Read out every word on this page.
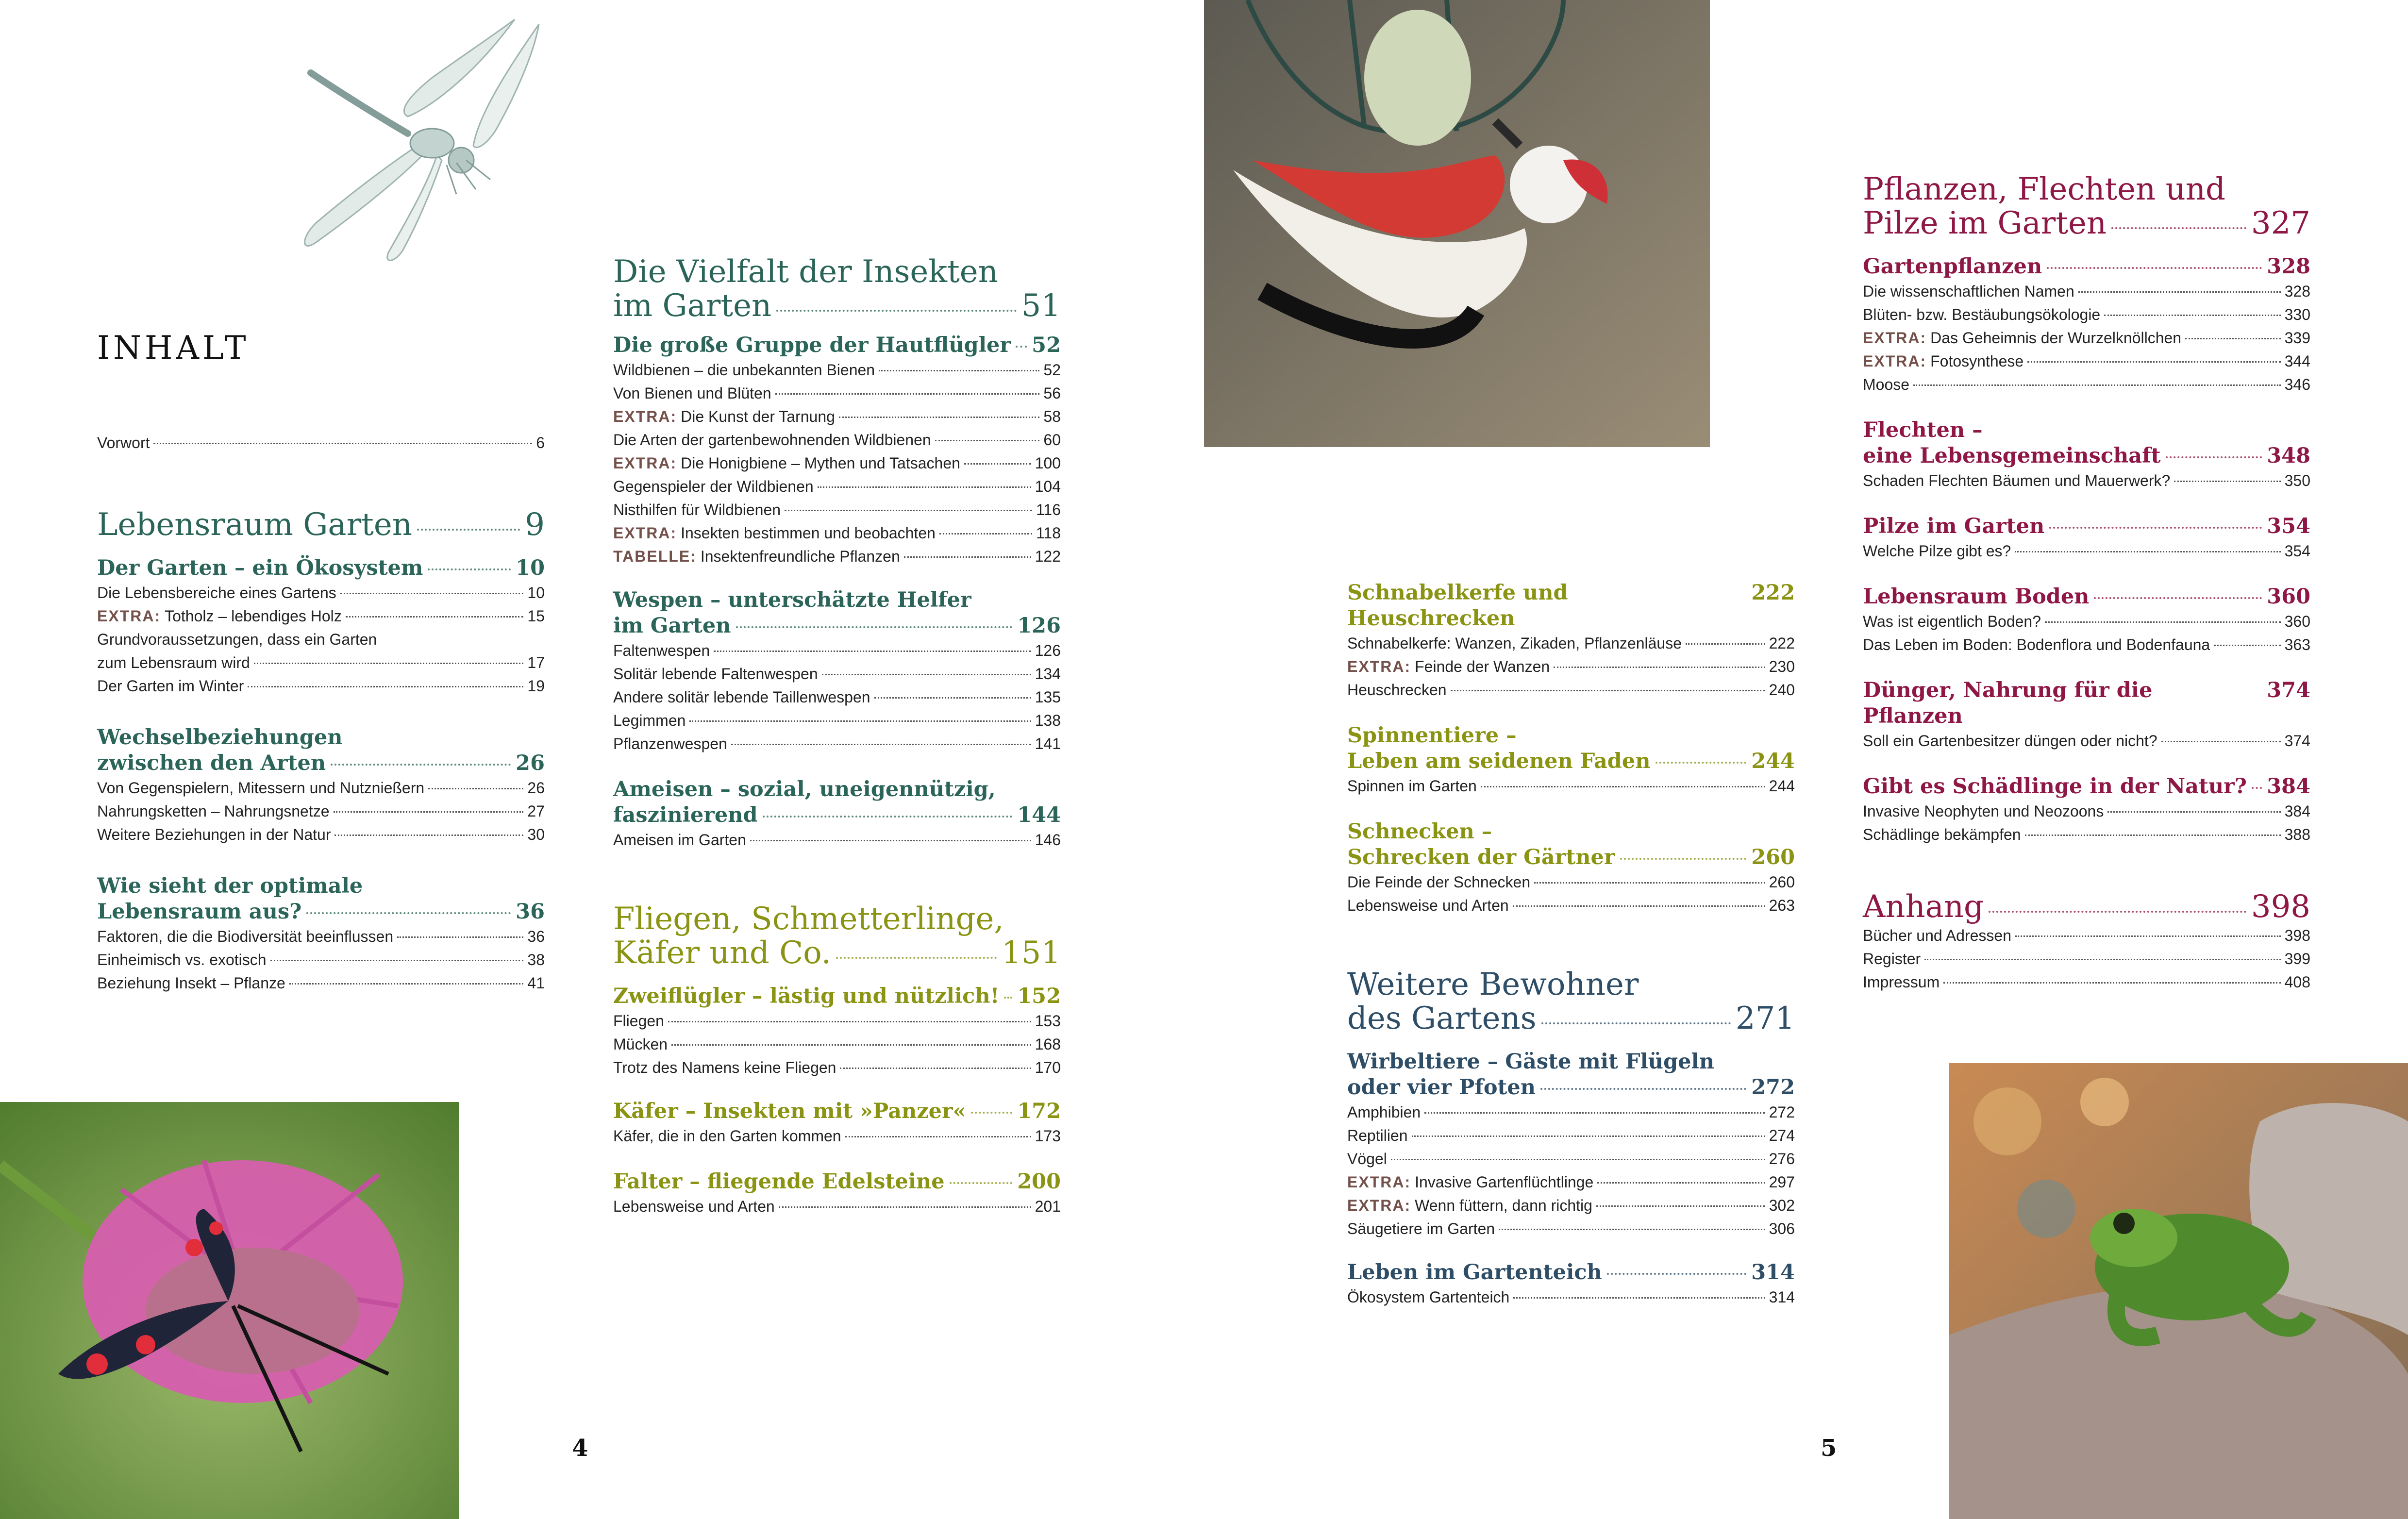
INHALT
Vorwort	6
Lebensraum Garten	9
Der Garten – ein Ökosystem	10
Die Lebensbereiche eines Gartens	10
EXTRA: Totholz – lebendiges Holz	15
Grundvoraussetzungen, dass ein Garten
zum Lebensraum wird	17
Der Garten im Winter	19
Wechselbeziehungen
zwischen den Arten	26
Von Gegenspielern, Mitessern und Nutznießern	26
Nahrungsketten – Nahrungsnetze	27
Weitere Beziehungen in der Natur	30
Wie sieht der optimale
Lebensraum aus?	36
Faktoren, die die Biodiversität beeinflussen	36
Einheimisch vs. exotisch	38
Beziehung Insekt – Pflanze	41
Die Vielfalt der Insekten
im Garten	51
Die große Gruppe der Hautflügler 52
Wildbienen – die unbekannten Bienen	52
Von Bienen und Blüten	56
EXTRA: Die Kunst der Tarnung	58
Die Arten der gartenbewohnenden Wildbienen	60
EXTRA: Die Honigbiene – Mythen und Tatsachen	100
Gegenspieler der Wildbienen	104
Nisthilfen für Wildbienen	116
EXTRA: Insekten bestimmen und beobachten	118
TABELLE: Insektenfreundliche Pflanzen	122
Wespen – unterschätzte Helfer
im Garten	126
Faltenwespen	126
Solitär lebende Faltenwespen	134
Andere solitär lebende Taillenwespen	135
Legimmen	138
Pflanzenwespen	141
Ameisen – sozial, uneigennützig,
faszinierend	144
Ameisen im Garten	146
Fliegen, Schmetterlinge,
Käfer und Co.	151
Zweiflügler – lästig und nützlich! 152
Fliegen	153
Mücken	168
Trotz des Namens keine Fliegen	170
Käfer – Insekten mit »Panzer« 172
Käfer, die in den Garten kommen	173
Falter – fliegende Edelsteine	200
Lebensweise und Arten	201
4
Schnabelkerfe und Heuschrecken
222
Schnabelkerfe: Wanzen, Zikaden, Pflanzenläuse	222
EXTRA: Feinde der Wanzen	230
Heuschrecken	240
Spinnentiere –
Leben am seidenen Faden	244
Spinnen im Garten	244
Schnecken –
Schrecken der Gärtner	260
Die Feinde der Schnecken	260
Lebensweise und Arten	263
Weitere Bewohner
des Gartens	271
Wirbeltiere – Gäste mit Flügeln
oder vier Pfoten	272
Amphibien	272
Reptilien	274
Vögel	276
EXTRA: Invasive Gartenflüchtlinge	297
EXTRA: Wenn füttern, dann richtig	302
Säugetiere im Garten	306
Leben im Gartenteich	314
Ökosystem Gartenteich	314
Pflanzen, Flechten und
Pilze im Garten	327
Gartenpflanzen	328
Die wissenschaftlichen Namen	328
Blüten- bzw. Bestäubungsökologie	330
EXTRA: Das Geheimnis der Wurzelknöllchen	339
EXTRA: Fotosynthese	344
Moose	346
Flechten –
eine Lebensgemeinschaft	348
Schaden Flechten Bäumen und Mauerwerk?	350
Pilze im Garten	354
Welche Pilze gibt es?	354
Lebensraum Boden	360
Was ist eigentlich Boden?	360
Das Leben im Boden: Bodenflora und Bodenfauna	363
Dünger, Nahrung für die Pflanzen
374
Soll ein Gartenbesitzer düngen oder nicht?	374
Gibt es Schädlinge in der Natur? 384
Invasive Neophyten und Neozoons	384
Schädlinge bekämpfen	388
Anhang	398
Bücher und Adressen	398
Register	399
Impressum	408
5
